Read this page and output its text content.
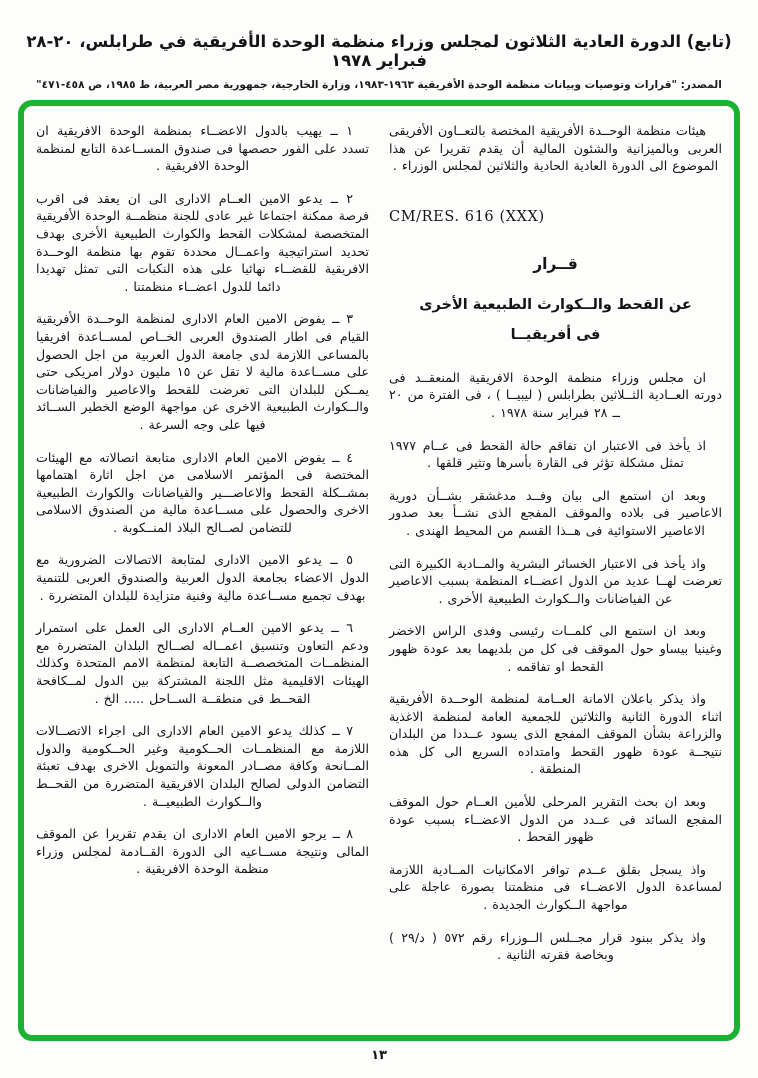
(تابع) الدورة العادية الثلاثون لمجلس وزراء منظمة الوحدة الأفريقية في طرابلس، ٢٠-٢٨ فبراير ١٩٧٨
المصدر: "قرارات وتوصيات وبيانات منظمة الوحدة الأفريقية ١٩٦٣-١٩٨٣، وزارة الخارجية، جمهورية مصر العربية، ط ١٩٨٥، ص ٤٥٨-٤٧١"

هيئات منظمة الوحــدة الأفريقية المختصة بالتعــاون الأفريقى العربى وبالميزانية والشئون المالية أن يقدم تقريرا عن هذا الموضوع الى الدورة العادية الحادية والثلاثين لمجلس الوزراء .

CM/RES. 616 (XXX)
قــرار
عن القحط والــكوارث الطبيعية الأخرى
فى أفريقيــا

ان مجلس وزراء منظمة الوحدة الافريقية المنعقــد فى دورته العــادية الثــلاثين بطرابلس ( ليبيــا ) ، فى الفترة من ٢٠ ــ ٢٨ فبراير سنة ١٩٧٨ .

اذ يأخذ فى الاعتبار ان تفاقم حالة القحط فى عــام ١٩٧٧ تمثل مشكلة تؤثر فى القارة بأسرها وتثير قلقها .

وبعد ان استمع الى بيان وفــد مدغشقر بشــأن دورية الاعاصير فى بلاده والموقف المفجع الذى نشــأ بعد صدور الاعاصير الاستوائية فى هــذا القسم من المحيط الهندى .

واذ يأخذ فى الاعتبار الخسائر البشرية والمــادية الكبيرة التى تعرضت لهــا عديد من الدول اعضــاء المنظمة بسبب الاعاصير عن الفياضانات والــكوارث الطبيعية الأخرى .

وبعد ان استمع الى كلمــات رئيسى وفدى الراس الاخضر وغينيا بيساو حول الموقف فى كل من بلديهما بعد عودة ظهور القحط او تفاقمه .

واذ يذكر باعلان الامانة العــامة لمنظمة الوحــدة الأفريقية اثناء الدورة الثانية والثلاثين للجمعية العامة لمنظمة الاغذية والزراعة بشأن الموقف المفجع الذى يسود عــددا من البلدان نتيجــة عودة ظهور القحط وامتداده السريع الى كل هذه المنطقة .

وبعد ان بحث التقرير المرحلى للأمين العــام حول الموقف المفجع السائد فى عــدد من الدول الاعضــاء بسبب عودة ظهور القحط .

واذ يسجل بقلق عــدم توافر الامكانيات المــادية اللازمة لمساعدة الدول الاعضــاء فى منظمتنا بصورة عاجلة على مواجهة الــكوارث الجديدة .

واذ يذكر ببنود قرار مجــلس الــوزراء رقم ٥٧٢ ( د/٢٩ ) وبخاصة فقرته الثانية .

١ ــ يهيب بالدول الاعضــاء بمنظمة الوحدة الافريقية ان تسدد على الفور حصصها فى صندوق المســاعدة التابع لمنظمة الوحدة الافريقية .

٢ ــ يدعو الامين العــام الادارى الى ان يعقد فى اقرب فرصة ممكنة اجتماعا غير عادى للجنة منظمــة الوحدة الأفريقية المتخصصة لمشكلات القحط والكوارث الطبيعية الأخرى بهدف تحديد استراتيجية واعمــال محددة تقوم بها منظمة الوحــدة الافريقية للقضــاء نهائيا على هذه النكبات التى تمثل تهديدا دائما للدول اعضــاء منظمتنا .

٣ ــ يفوض الامين العام الادارى لمنظمة الوحــدة الأفريقية القيام فى اطار الصندوق العربى الخــاص لمســاعدة افريقيا بالمساعى اللازمة لدى جامعة الدول العربية من اجل الحصول على مســاعدة مالية لا تقل عن ١٥ مليون دولار امريكى حتى يمــكن للبلدان التى تعرضت للقحط والاعاصير والفياضانات والــكوارث الطبيعية الاخرى عن مواجهة الوضع الخطير الســائد فيها على وجه السرعة .

٤ ــ يفوض الامين العام الادارى متابعة اتصالاته مع الهيئات المختصة فى المؤتمر الاسلامى من اجل اثارة اهتمامها بمشــكلة القحط والاعاصـــير والفياضانات والكوارث الطبيعية الاخرى والحصول على مســاعدة مالية من الصندوق الاسلامى للتضامن لصــالح البلاد المنــكوبة .

٥ ــ يدعو الامين الادارى لمتابعة الاتصالات الضرورية مع الدول الاعضاء بجامعة الدول العربية والصندوق العربى للتنمية بهدف تجميع مســاعدة مالية وفنية متزايدة للبلدان المتضررة .

٦ ــ يدعو الامين العــام الادارى الى العمل على استمرار ودعم التعاون وتنسيق اعمــاله لصــالح البلدان المتضررة مع المنظمــات المتخصصــة التابعة لمنظمة الامم المتحدة وكذلك الهيئات الاقليمية مثل اللجنة المشتركة بين الدول لمــكافحة القحــط فى منطقــة الســاحل ..... الخ .

٧ ــ كذلك يدعو الامين العام الادارى الى اجراء الاتصــالات اللازمة مع المنظمــات الحــكومية وغير الحــكومية والدول المــانحة وكافة مصــادر المعونة والتمويل الاخرى بهدف تعبئة التضامن الدولى لصالح البلدان الافريقية المتضررة من القحــط والــكوارث الطبيعيــة .

٨ ــ يرجو الامين العام الادارى ان يقدم تقريرا عن الموقف المالى ونتيجة مســاعيه الى الدورة القــادمة لمجلس وزراء منظمة الوحدة الافريقية .

١٣
